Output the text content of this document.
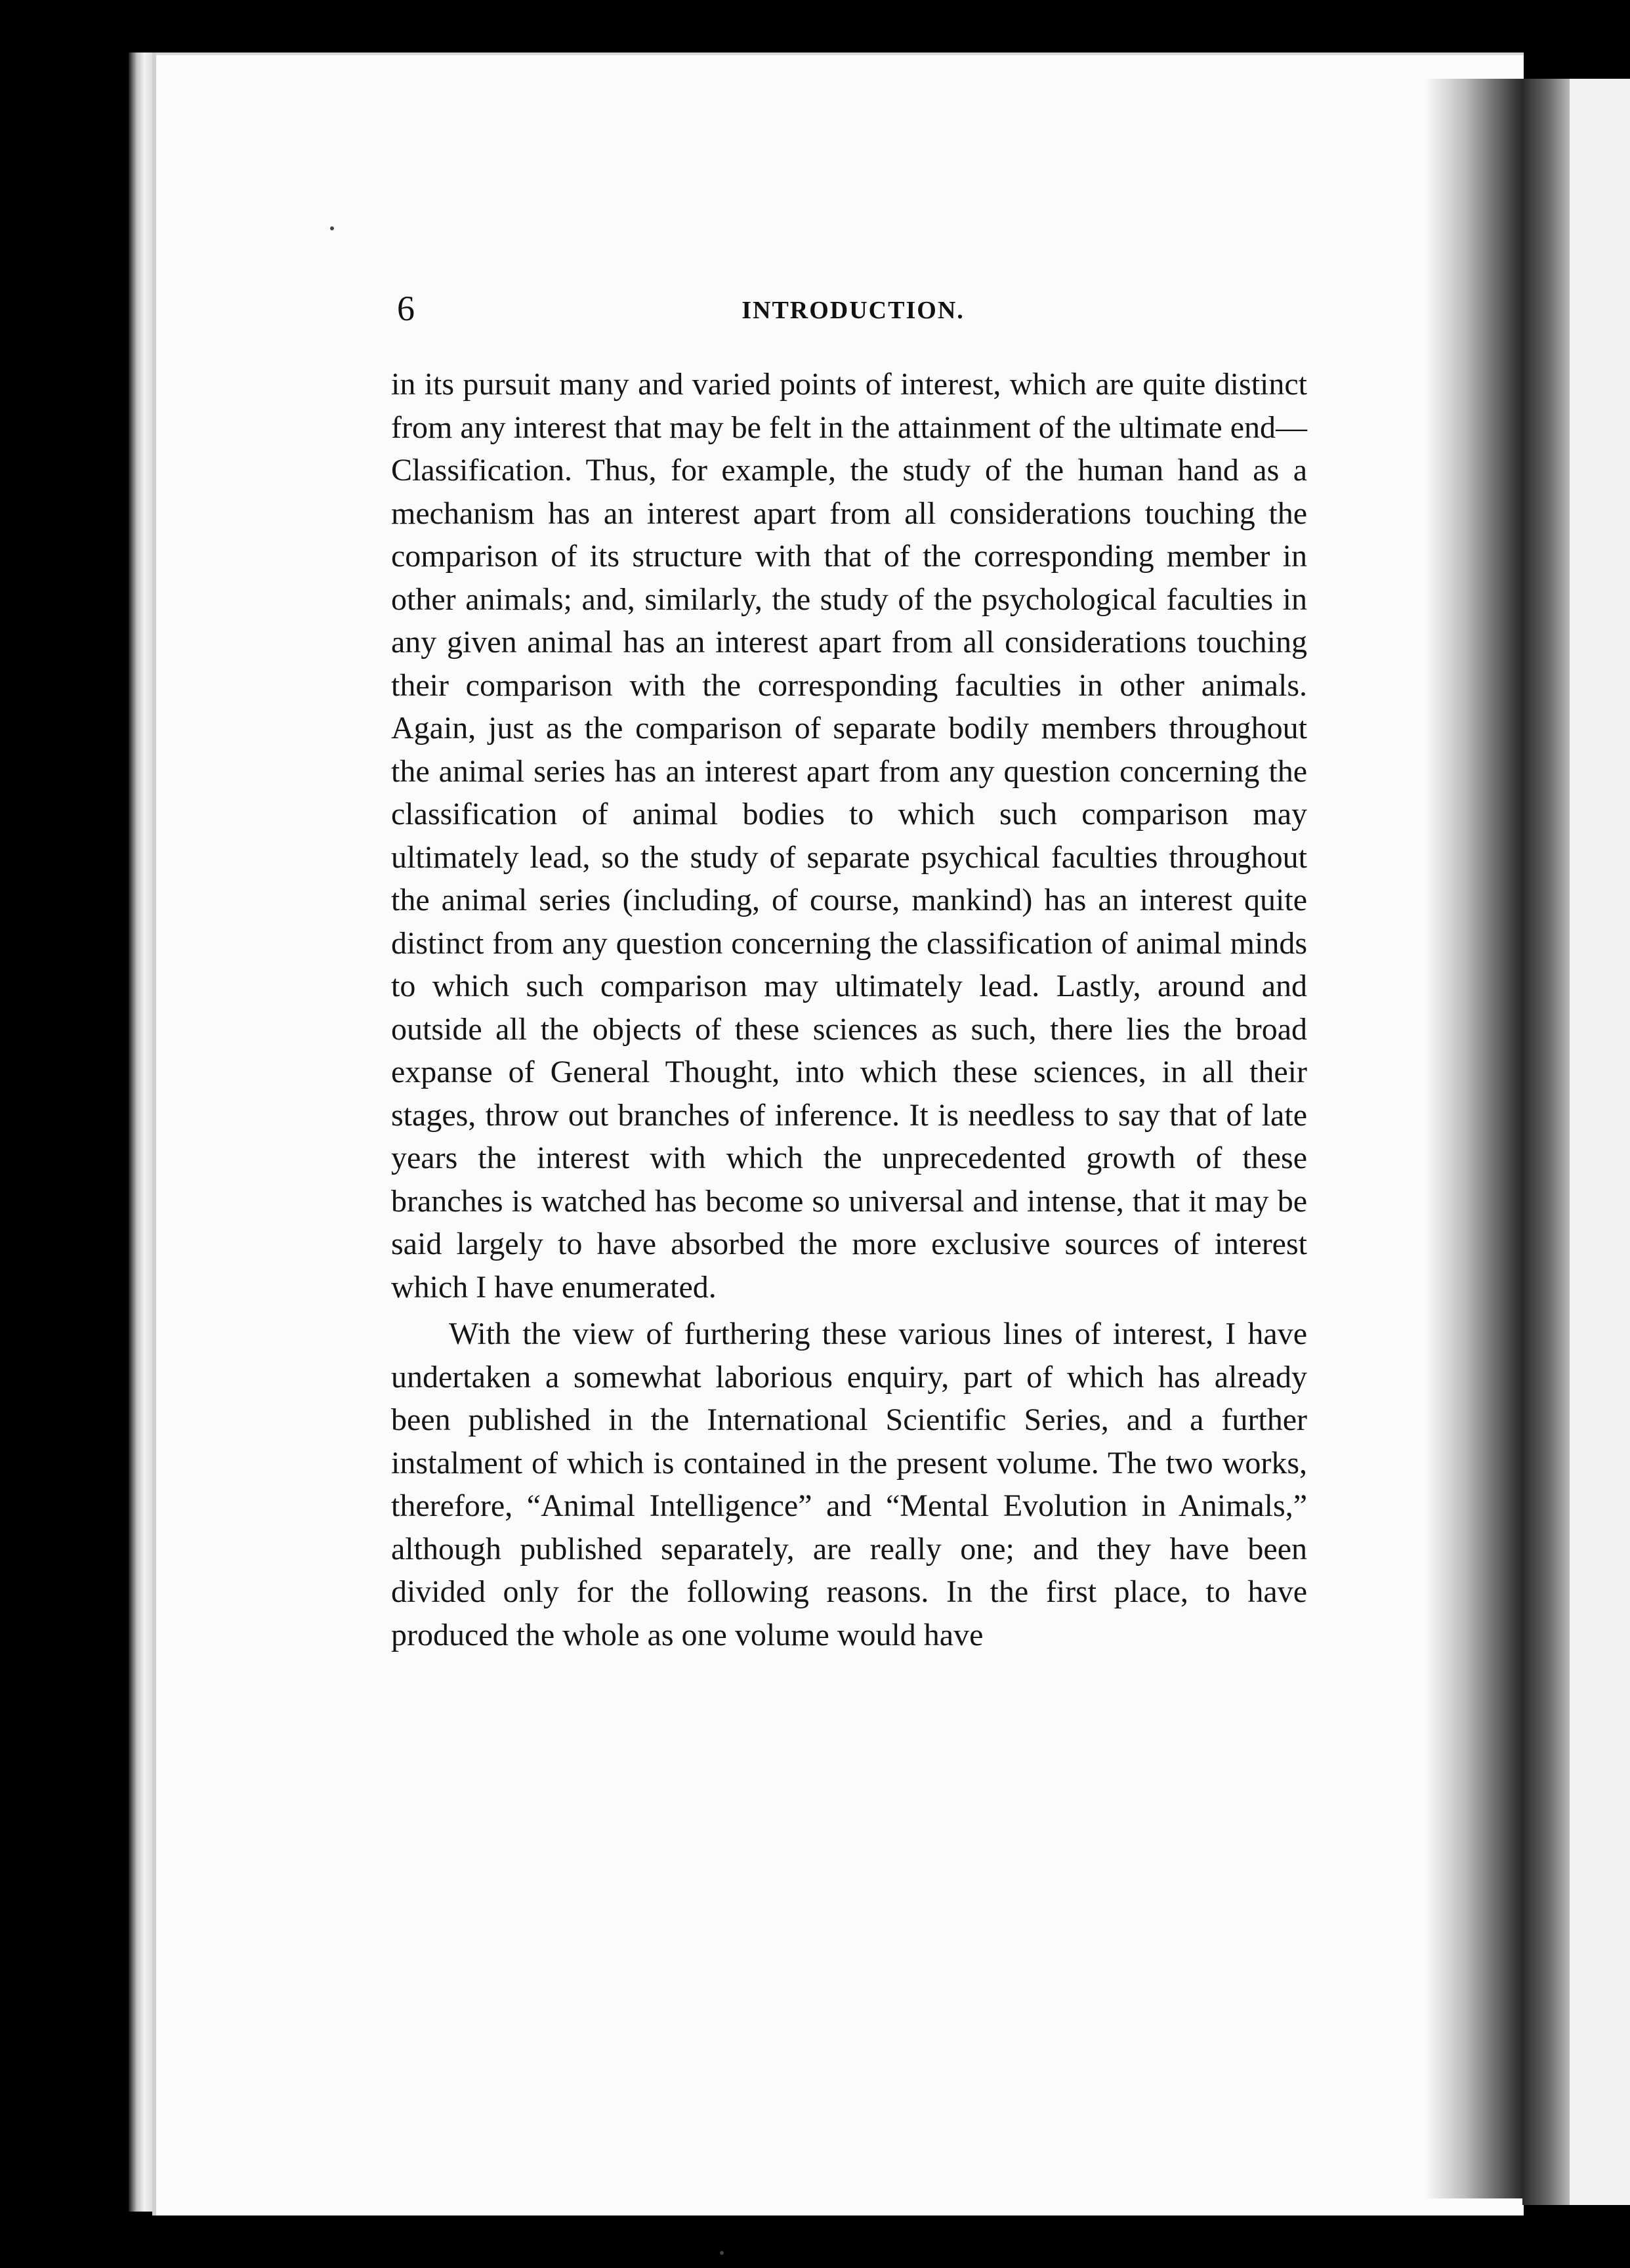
6	INTRODUCTION.

in its pursuit many and varied points of interest, which are quite distinct from any interest that may be felt in the attainment of the ultimate end—Classification. Thus, for example, the study of the human hand as a mechanism has an interest apart from all considerations touching the comparison of its structure with that of the corresponding member in other animals; and, similarly, the study of the psychological faculties in any given animal has an interest apart from all considerations touching their comparison with the corresponding faculties in other animals. Again, just as the comparison of separate bodily members throughout the animal series has an interest apart from any question concerning the classification of animal bodies to which such comparison may ultimately lead, so the study of separate psychical faculties throughout the animal series (including, of course, mankind) has an interest quite distinct from any question concerning the classification of animal minds to which such comparison may ultimately lead. Lastly, around and outside all the objects of these sciences as such, there lies the broad expanse of General Thought, into which these sciences, in all their stages, throw out branches of inference. It is needless to say that of late years the interest with which the unprecedented growth of these branches is watched has become so universal and intense, that it may be said largely to have absorbed the more exclusive sources of interest which I have enumerated.

With the view of furthering these various lines of interest, I have undertaken a somewhat laborious enquiry, part of which has already been published in the International Scientific Series, and a further instalment of which is contained in the present volume. The two works, therefore, “Animal Intelligence” and “Mental Evolution in Animals,” although published separately, are really one; and they have been divided only for the following reasons. In the first place, to have produced the whole as one volume would have
